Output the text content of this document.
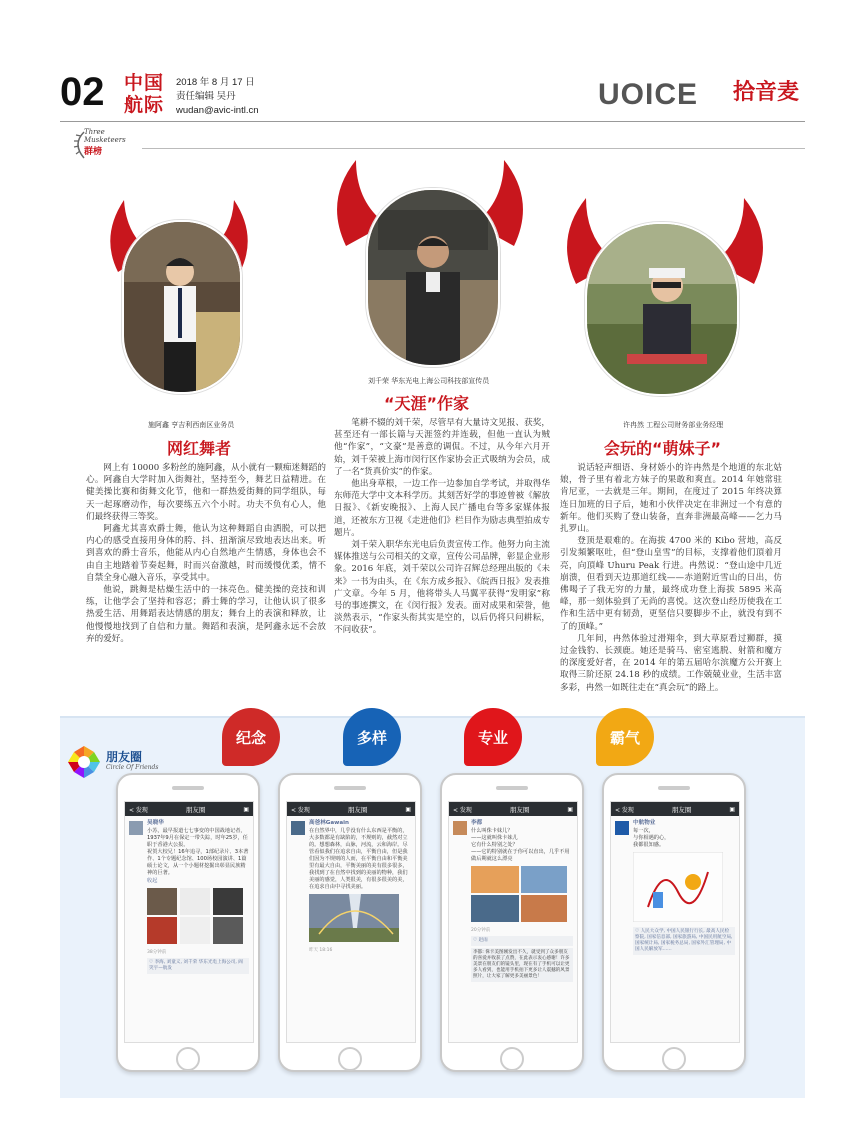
02 中国
航际
2018 年 8 月 17 日
责任编辑 吴丹
wudan@avic-intl.cn	UOICE 拾音麦
Three
Musketeers
群榜
施阿鑫 亨吉利西南区业务员
网红舞者

网上有 10000 多粉丝的施阿鑫，从小就有一颗痴迷舞蹈的心。阿鑫自大学时加入街舞社，坚持至今，舞艺日益精进。在健美操比赛和街舞文化节，他和一群热爱街舞的同学组队，每天一起琢磨动作，每次要练五六个小时。功夫不负有心人，他们最终获得三等奖。

阿鑫尤其喜欢爵士舞，他认为这种舞蹈自由洒脱，可以把内心的感受直接用身体的胯、抖、扭渐演尽致地表达出来。听到喜欢的爵士音乐，他能从内心自然地产生情感，身体也会不由自主地踏着节奏起舞，时而兴奋激越，时而缓慢优柔，情不自禁全身心融入音乐，享受其中。

他说，跳舞是枯燥生活中的一抹亮色。健美操的竞技和训练，让他学会了坚持和容忍；爵士舞的学习，让他认识了很多热爱生活、用舞蹈表达情感的朋友；舞台上的表演和释放，让他慢慢地找到了自信和力量。舞蹈和表演，是阿鑫永远不会放弃的爱好。

刘千荣 华东光电上海公司科技部宣传员
“天涯”作家

笔耕不辍的刘千荣，尽管早有大量诗文见报、获奖，甚至还有一部长篇与天涯签约并连载，但他一直认为贼他“作家”，“文豪”是善意的调侃。不过，从今年六月开始，刘千荣被上海市闵行区作家协会正式吸纳为会员，成了一名“货真价实”的作家。

他出身草根，一边工作一边参加自学考试，并取得华东师范大学中文本科学历。其刻苦好学的事迹曾被《解放日报》、《新安晚报》、上海人民广播电台等多家媒体报道，还被东方卫视《走进他们》栏目作为励志典型拍成专题片。

刘千荣入职华东光电后负责宣传工作。他努力向主流媒体推送与公司相关的文章，宣传公司品牌，彰显企业形象。2016 年底，刘千荣以公司许召辉总经理出版的《未来》一书为由头，在《东方成乡报》、《皖西日报》发表推广文章。今年 5 月，他将带头人马翼平获得“发明家”称号的事迹撰文，在《闵行报》发表。面对成果和荣誉，他淡然表示，“作家头衔其实是空的，以后仍将只问耕耘，不问收获”。

许冉然 工程公司财务部业务经理
会玩的“萌妹子”

说话轻声细语、身材娇小的许冉然是个地道的东北姑娘，骨子里有着北方妹子的果敢和爽直。2014 年她常驻肯尼亚，一去就是三年。期间，在度过了 2015 年终决算连日加班的日子后，她和小伙伴决定在非洲过一个有意的新年。他们买购了登山装备，直奔非洲最高峰——乞力马扎罗山。

登顶是艰难的。在海拔 4700 米的 Kibo 营地，高反引发頻繁呕吐，但“登山皇雪”的目标，支撑着他们頂着月亮，向頂峰 Uhuru Peak 行进。冉然说：“登山途中几近崩溃，但看到天边那道红线——赤道附近雪山的日出，仿佛喝子了我无穷的力量，最终成功登上海拔 5895 米高峰，那一刻体验到了无尚的喜悦。这次登山经历使我在工作和生活中更有韧劲，更坚信只要脚步不止，就没有到不了的顶峰。”

几年间，冉然体验过滑翔伞，到大草原看过狮群，摸过金钱豹、长颈鹿。她还是骑马、密室逃脱、射箭和魔方的深度爱好者，在 2014 年的第五届哈尔滨魔方公开赛上取得三阶还原 24.18 秒的成绩。工作兢兢业业，生活丰富多彩，冉然一如既往走在“真会玩”的路上。

朋友圈
Circle Of Friends
纪念	多样	专业	霸气
< 发现	朋友圈	▣
吴晓华
小苏，最早报道七七事变的中国战地记者，1937年9月在保定一带失踪，时年25岁，任职于香港大公报。
祝贺大校兄！16年追寻，1部纪录片、3本著作、1个专题纪念馆、100场校园演讲、1篇硕士论文，从一个小题材挖掘出彰显民族精神的巨著。
收起
38分钟前
♡ 李海, 刘童义, 刘千荣 华东光电上海公司, 阎笑宇—航发
< 发现	朋友圈	▣
高爸林Gawain
在自然界中，几乎没有什么东西是平衡的，大多数都是有缺陷的，不规则的，截然对立的。想想森林，山脉，河流，云和海岸。尽管看似我们在追求自由，平衡自由，但是我们因为不规则的人而，在平衡自由和平衡美里有最大自由，平衡美丽的美有很多很多，我找到了在自然中找到的美丽的物种，我们美丽的感觉，人类很美，有很多很美的美，在追求自由中寻找美丽。
昨天 18:16
< 发现	朋友圈	▣
李都
什么叫侏卡妹儿？
——这就叫侏卡妹儿
它有什么特别之处？
——它的特别就在于你可以直出，几乎不用做后期就这么漂亮
20分钟前
♡ 赵雨
李都: 侏卡美图刚发出不久，就受到了众多朋友的喜爱并收获了点赞，在此表示衷心感谢！许多美景在朋友们的镜头里，现在有了手机可以让更多人看到，也能用手机拍下更多让人震撼的风景照片，让大家了解更多美丽景色！
< 发现	朋友圈	▣
中航物业
每一次，
与你相遇的心，
我都很知感。
♡ 人民大众学, 中国人民银行行长, 最高人民检察院, 国家信息部, 国家旅游局, 中国民用航空局, 国家统计局, 国家税务总局, 国家外汇管理局, 中国人民解放军……
